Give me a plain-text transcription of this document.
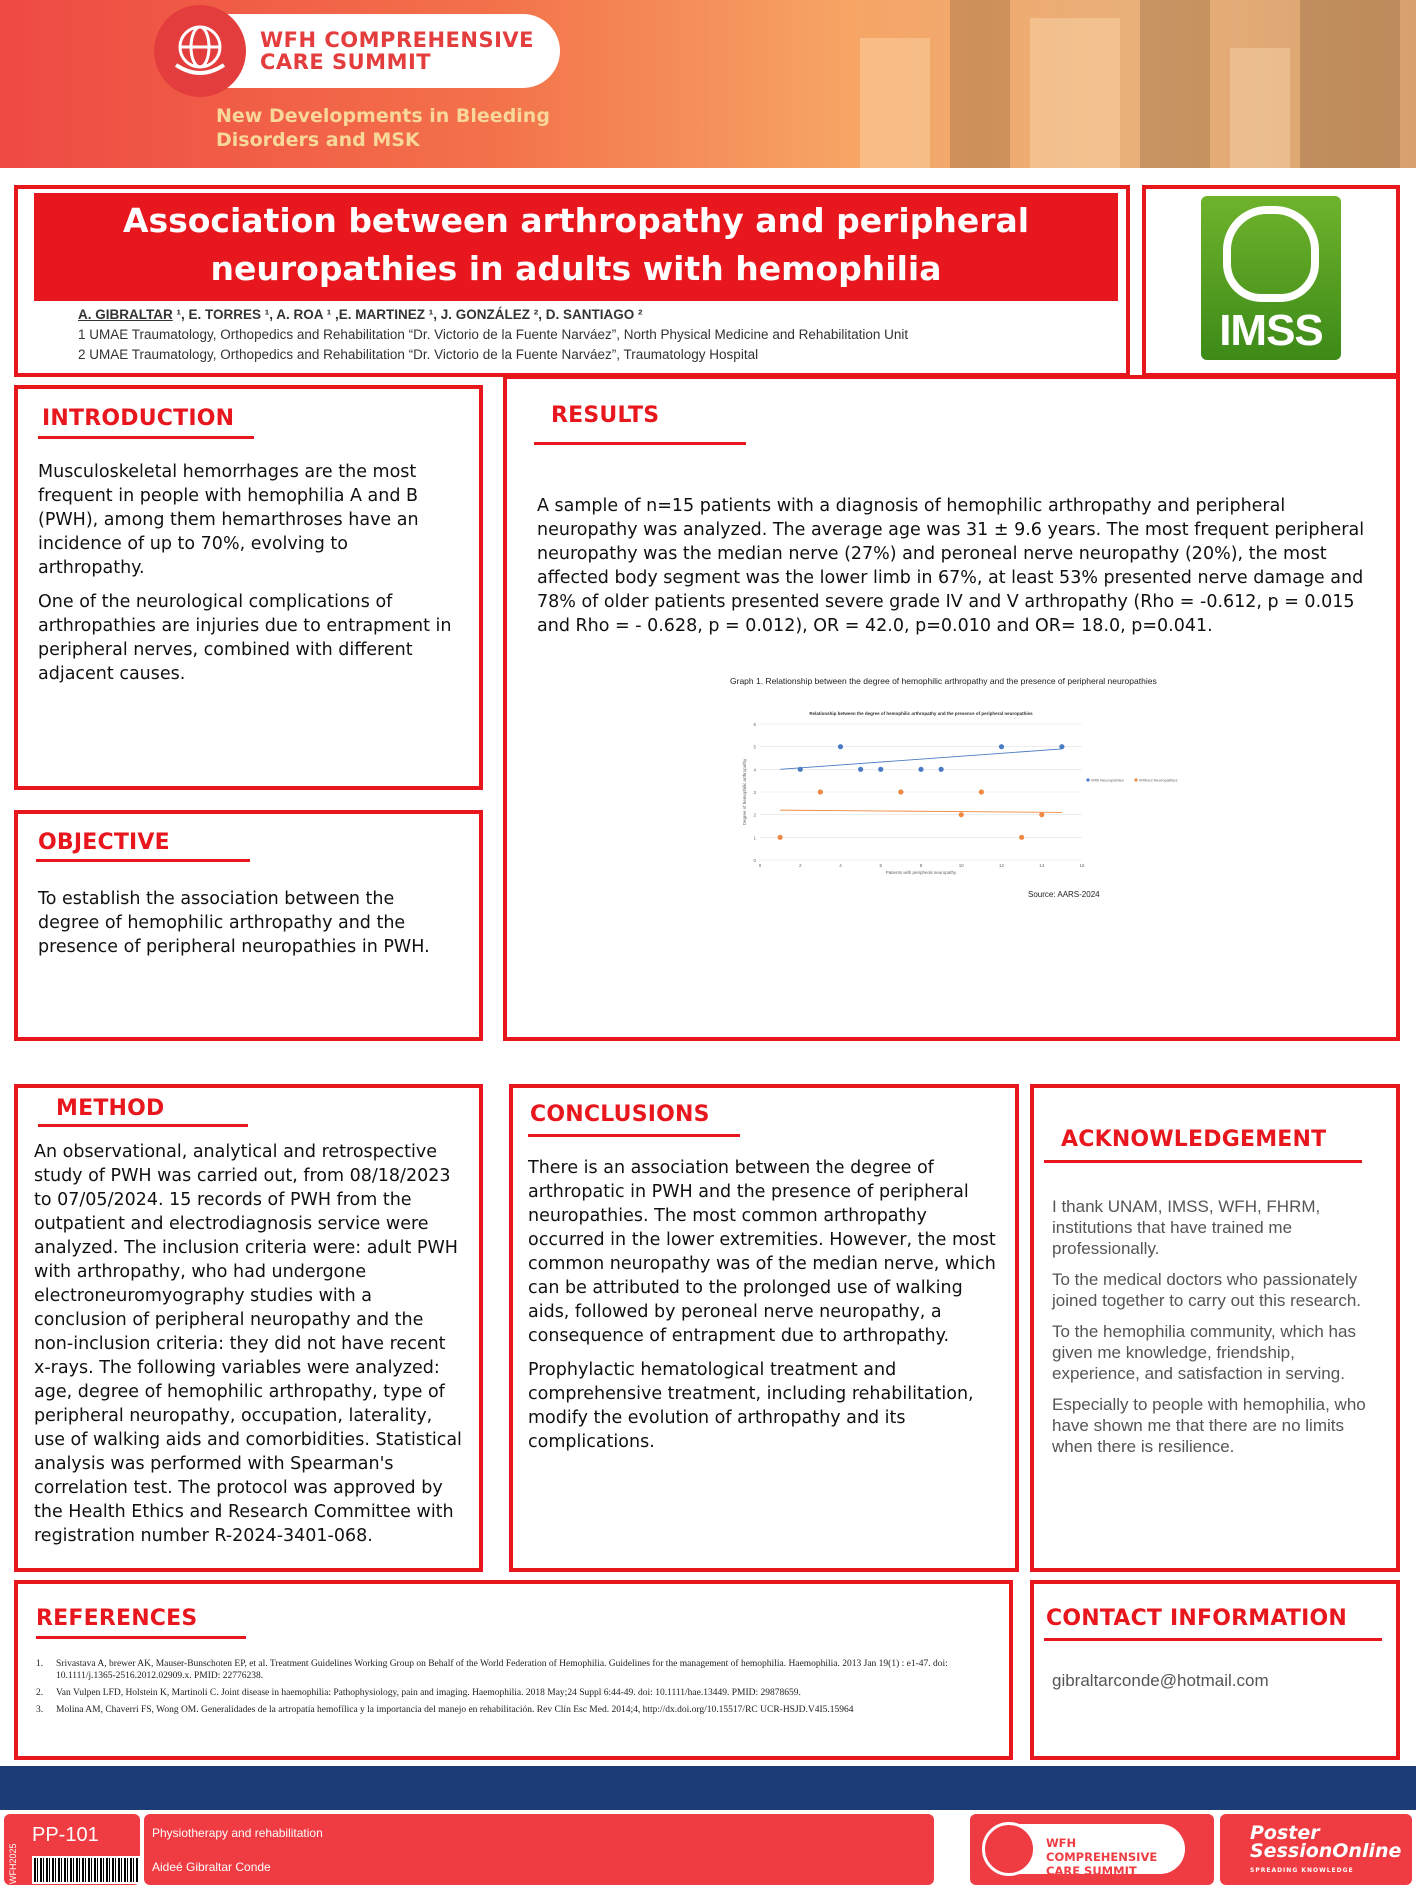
WFH COMPREHENSIVE
CARE SUMMIT
New Developments in Bleeding
Disorders and MSK
Association between arthropathy and peripheral
neuropathies in adults with hemophilia
A. GIBRALTAR ¹, E. TORRES ¹, A. ROA ¹ ,E. MARTINEZ ¹, J. GONZÁLEZ ², D. SANTIAGO ²
1 UMAE Traumatology, Orthopedics and Rehabilitation “Dr. Victorio de la Fuente Narváez”, North Physical Medicine and Rehabilitation Unit
2 UMAE Traumatology, Orthopedics and Rehabilitation “Dr. Victorio de la Fuente Narváez”, Traumatology Hospital	IMSS
INTRODUCTION

Musculoskeletal hemorrhages are the most frequent in people with hemophilia A and B (PWH), among them hemarthroses have an incidence of up to 70%, evolving to arthropathy.

One of the neurological complications of arthropathies are injuries due to entrapment in peripheral nerves, combined with different adjacent causes.

OBJECTIVE

To establish the association between the degree of hemophilic arthropathy and the presence of peripheral neuropathies in PWH.

RESULTS

A sample of n=15 patients with a diagnosis of hemophilic arthropathy and peripheral neuropathy was analyzed. The average age was 31 ± 9.6 years. The most frequent peripheral neuropathy was the median nerve (27%) and peroneal nerve neuropathy (20%), the most affected body segment was the lower limb in 67%, at least 53% presented nerve damage and 78% of older patients presented severe grade IV and V arthropathy (Rho = -0.612, p = 0.015 and Rho = - 0.628, p = 0.012), OR = 42.0, p=0.010 and OR= 18.0, p=0.041.

Graph 1. Relationship between the degree of hemophilic arthropathy and the presence of peripheral neuropathies
Relationship between the degree of hemophilic arthropathy and the presence of peripheral neuropathies
0
1
2
3
4
5
6
0	2	4	6	8	10	12	14	16
Patients with peripheral neuropathy
Degree of hemophilic arthropathy	With Neuropathies	Without Neuropathies
Source: AARS-2024
METHOD

An observational, analytical and retrospective study of PWH was carried out, from 08/18/2023 to 07/05/2024. 15 records of PWH from the outpatient and electrodiagnosis service were analyzed. The inclusion criteria were: adult PWH with arthropathy, who had undergone electroneuromyography studies with a conclusion of peripheral neuropathy and the non-inclusion criteria: they did not have recent x-rays. The following variables were analyzed: age, degree of hemophilic arthropathy, type of peripheral neuropathy, occupation, laterality, use of walking aids and comorbidities. Statistical analysis was performed with Spearman's correlation test. The protocol was approved by the Health Ethics and Research Committee with registration number R-2024-3401-068.

CONCLUSIONS

There is an association between the degree of arthropatic in PWH and the presence of peripheral neuropathies. The most common arthropathy occurred in the lower extremities. However, the most common neuropathy was of the median nerve, which can be attributed to the prolonged use of walking aids, followed by peroneal nerve neuropathy, a consequence of entrapment due to arthropathy.

Prophylactic hematological treatment and comprehensive treatment, including rehabilitation, modify the evolution of arthropathy and its complications.

ACKNOWLEDGEMENT

I thank UNAM, IMSS, WFH, FHRM, institutions that have trained me professionally.

To the medical doctors who passionately joined together to carry out this research.

To the hemophilia community, which has given me knowledge, friendship, experience, and satisfaction in serving.

Especially to people with hemophilia, who have shown me that there are no limits when there is resilience.

REFERENCES
1.	Srivastava A, brewer AK, Mauser-Bunschoten EP, et al. Treatment Guidelines Working Group on Behalf of the World Federation of Hemophilia. Guidelines for the management of hemophilia. Haemophilia. 2013 Jan 19(1) : e1-47. doi: 10.1111/j.1365-2516.2012.02909.x. PMID: 22776238.
2.	Van Vulpen LFD, Holstein K, Martinoli C. Joint disease in haemophilia: Pathophysiology, pain and imaging. Haemophilia. 2018 May;24 Suppl 6:44-49. doi: 10.1111/hae.13449. PMID: 29878659.
3.	Molina AM, Chaverri FS, Wong OM. Generalidades de la artropatía hemofílica y la importancia del manejo en rehabilitación. Rev Clín Esc Med. 2014;4, http://dx.doi.org/10.15517/RC UCR-HSJD.V4I5.15964
CONTACT INFORMATION
gibraltarconde@hotmail.com
WFH2025
PP-101	Physiotherapy and rehabilitation
Aideé Gibraltar Conde
WFH COMPREHENSIVE
CARE SUMMIT
Poster
SessionOnline
SPREADING KNOWLEDGE
